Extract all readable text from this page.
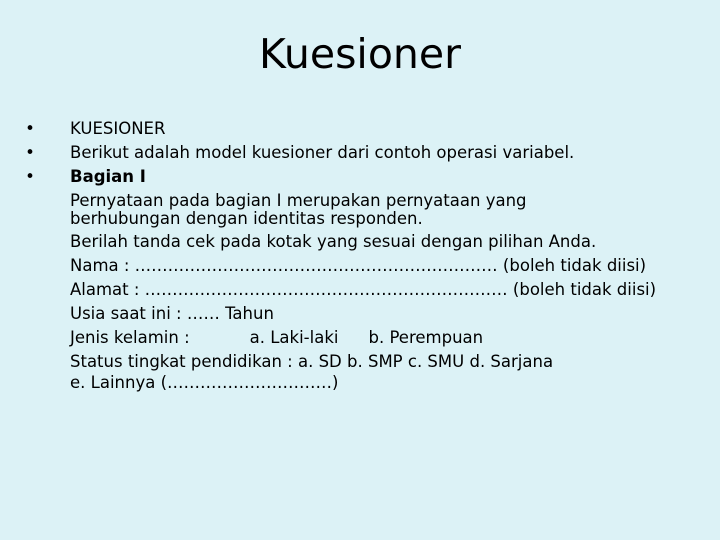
Kuesioner
• KUESIONER
• Berikut adalah model kuesioner dari contoh operasi variabel.
• Bagian I
Pernyataan pada bagian I merupakan pernyataan yang
berhubungan dengan identitas responden.
Berilah tanda cek pada kotak yang sesuai dengan pilihan Anda.
Nama : ………………………………………………………… (boleh tidak diisi)
Alamat : ………………………………………………………… (boleh tidak diisi)
Usia saat ini : …… Tahun
Jenis kelamin :	a. Laki-laki b. Perempuan
Status tingkat pendidikan : a. SD b. SMP c. SMU d. Sarjana
e. Lainnya (…………………………)
